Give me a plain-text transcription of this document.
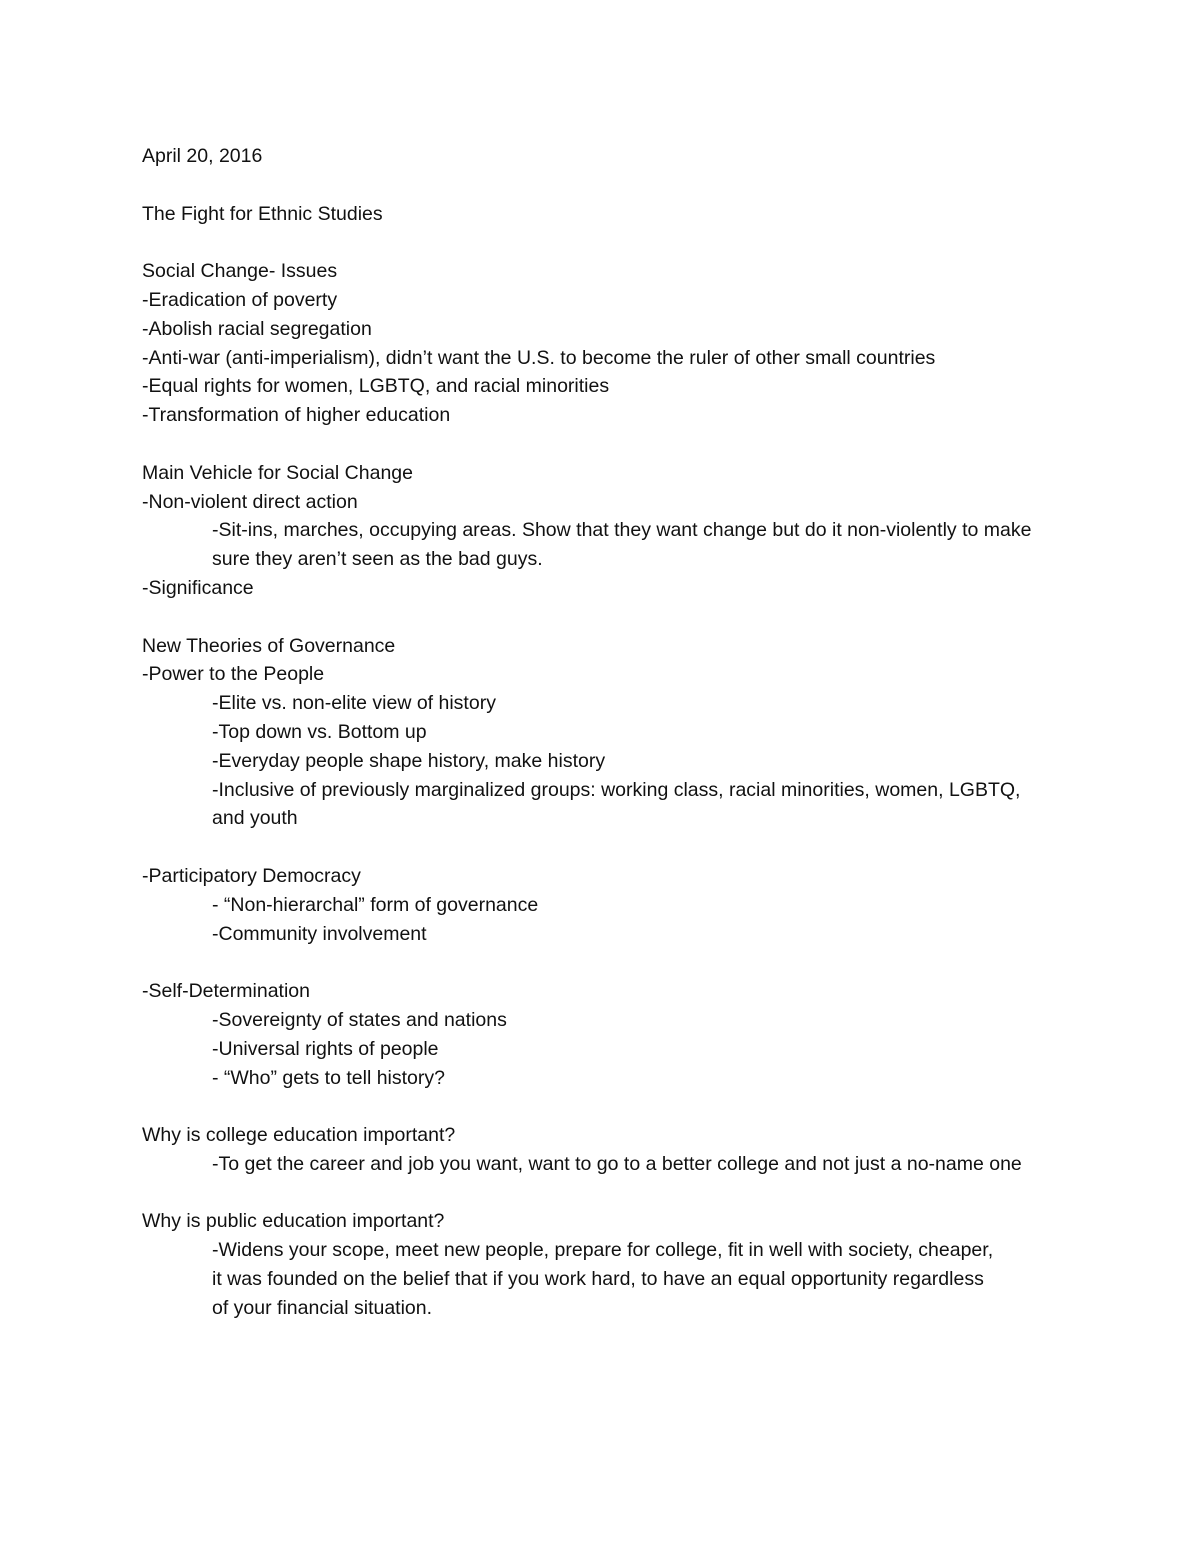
April 20, 2016
The Fight for Ethnic Studies
Social Change- Issues
-Eradication of poverty
-Abolish racial segregation
-Anti-war (anti-imperialism), didn’t want the U.S. to become the ruler of other small countries
-Equal rights for women, LGBTQ, and racial minorities
-Transformation of higher education
Main Vehicle for Social Change
-Non-violent direct action
-Sit-ins, marches, occupying areas. Show that they want change but do it non-violently to make sure they aren’t seen as the bad guys.
-Significance
New Theories of Governance
-Power to the People
-Elite vs. non-elite view of history
-Top down vs. Bottom up
-Everyday people shape history, make history
-Inclusive of previously marginalized groups: working class, racial minorities, women, LGBTQ, and youth
-Participatory Democracy
- “Non-hierarchal” form of governance
-Community involvement
-Self-Determination
-Sovereignty of states and nations
-Universal rights of people
- “Who” gets to tell history?
Why is college education important?
-To get the career and job you want, want to go to a better college and not just a no-name one
Why is public education important?
-Widens your scope, meet new people, prepare for college, fit in well with society, cheaper, it was founded on the belief that if you work hard, to have an equal opportunity regardless of your financial situation.
